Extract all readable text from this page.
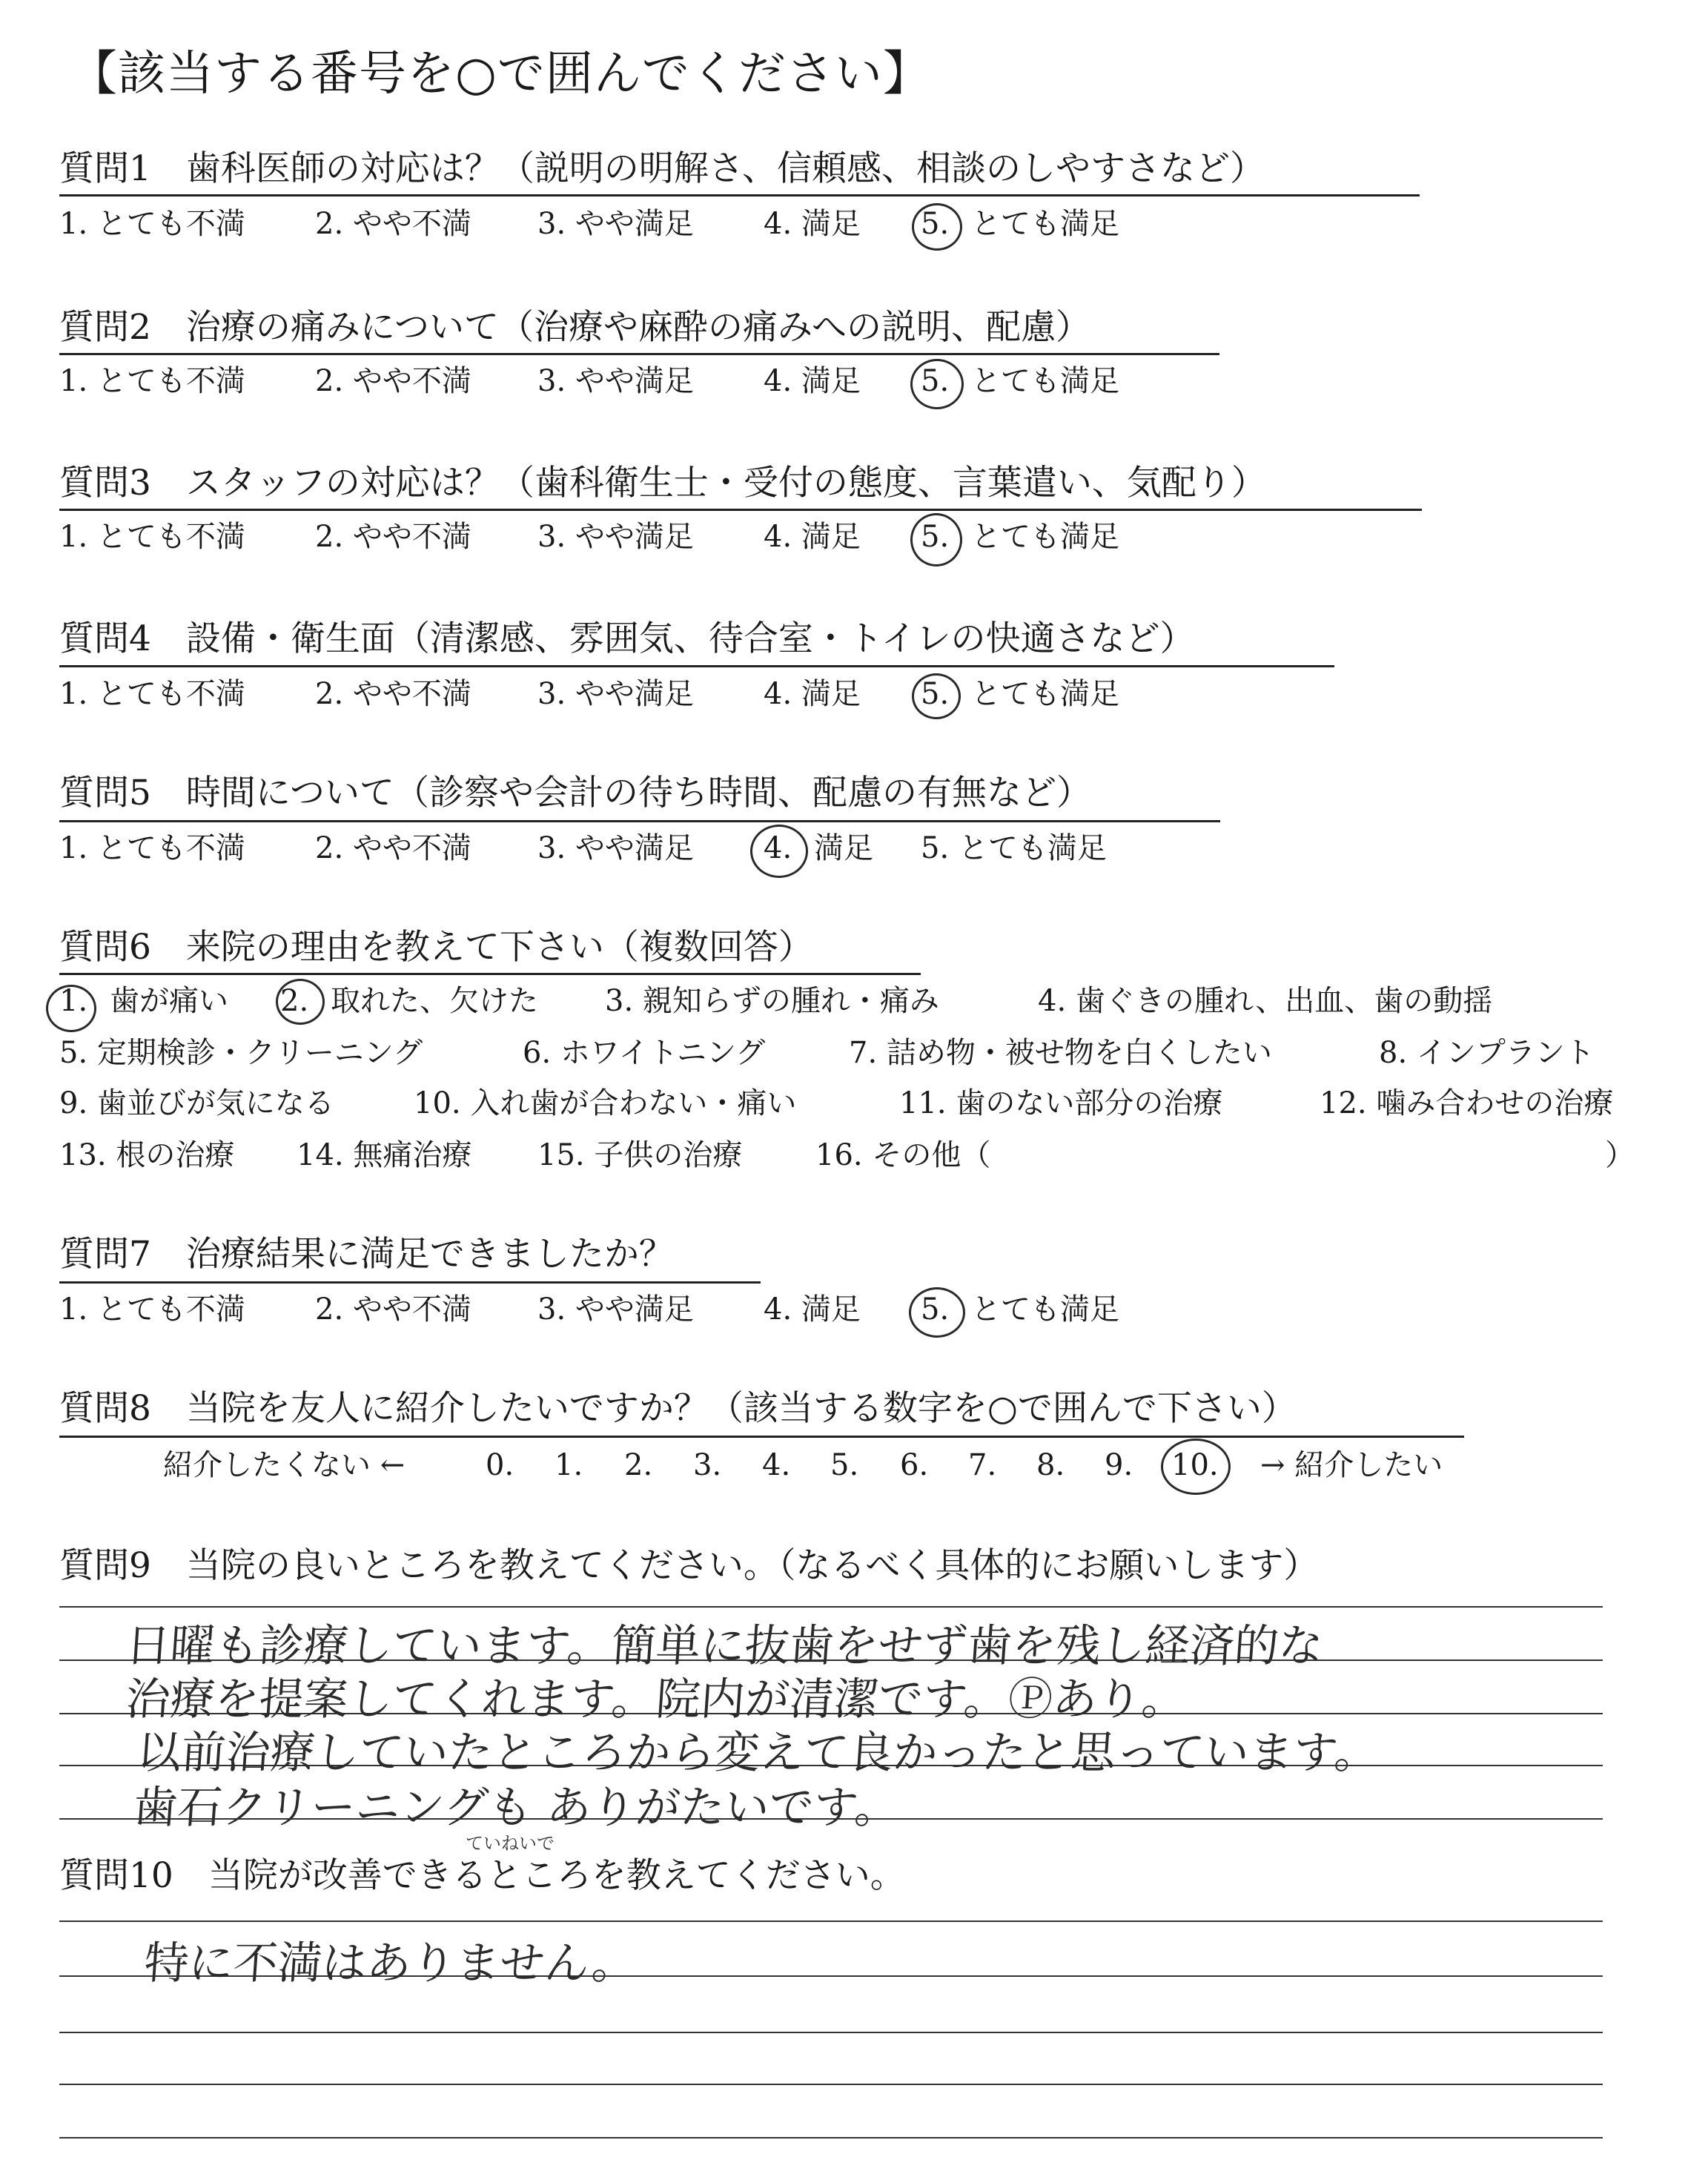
【該当する番号を○で囲んでください】
質問1　歯科医師の対応は？（説明の明解さ、信頼感、相談のしやすさなど）
1. とても不満 2. やや不満 3. やや満足 4. 満足 5. とても満足
質問2　治療の痛みについて（治療や麻酔の痛みへの説明、配慮）
1. とても不満 2. やや不満 3. やや満足 4. 満足 5. とても満足
質問3　スタッフの対応は？（歯科衛生士・受付の態度、言葉遣い、気配り）
1. とても不満 2. やや不満 3. やや満足 4. 満足 5. とても満足
質問4　設備・衛生面（清潔感、雰囲気、待合室・トイレの快適さなど）
1. とても不満 2. やや不満 3. やや満足 4. 満足 5. とても満足
質問5　時間について（診察や会計の待ち時間、配慮の有無など）
1. とても不満 2. やや不満 3. やや満足 4. 満足 5. とても満足
質問6　来院の理由を教えて下さい（複数回答）
1. 歯が痛い 2. 取れた、欠けた 3. 親知らずの腫れ・痛み	4. 歯ぐきの腫れ、出血、歯の動揺
5. 定期検診・クリーニング	6. ホワイトニング	7. 詰め物・被せ物を白くしたい	8. インプラント
9. 歯並びが気になる	10. 入れ歯が合わない・痛い	11. 歯のない部分の治療	12. 噛み合わせの治療
13. 根の治療 14. 無痛治療 15. 子供の治療 16. その他（	）
質問7　治療結果に満足できましたか？
1. とても不満 2. やや不満 3. やや満足 4. 満足 5. とても満足
質問8　当院を友人に紹介したいですか？（該当する数字を○で囲んで下さい）
紹介したくない ←	0. 1. 2. 3. 4. 5. 6. 7. 8. 9. 10. → 紹介したい
質問9　当院の良いところを教えてください。（なるべく具体的にお願いします）
日曜も診療しています。簡単に抜歯をせず歯を残し経済的な
治療を提案してくれます。院内が清潔です。Ⓟあり。
以前治療していたところから変えて良かったと思っています。
歯石クリーニングも ありがたいです。
ていねいで
質問10　当院が改善できるところを教えてください。
特に不満はありません。
